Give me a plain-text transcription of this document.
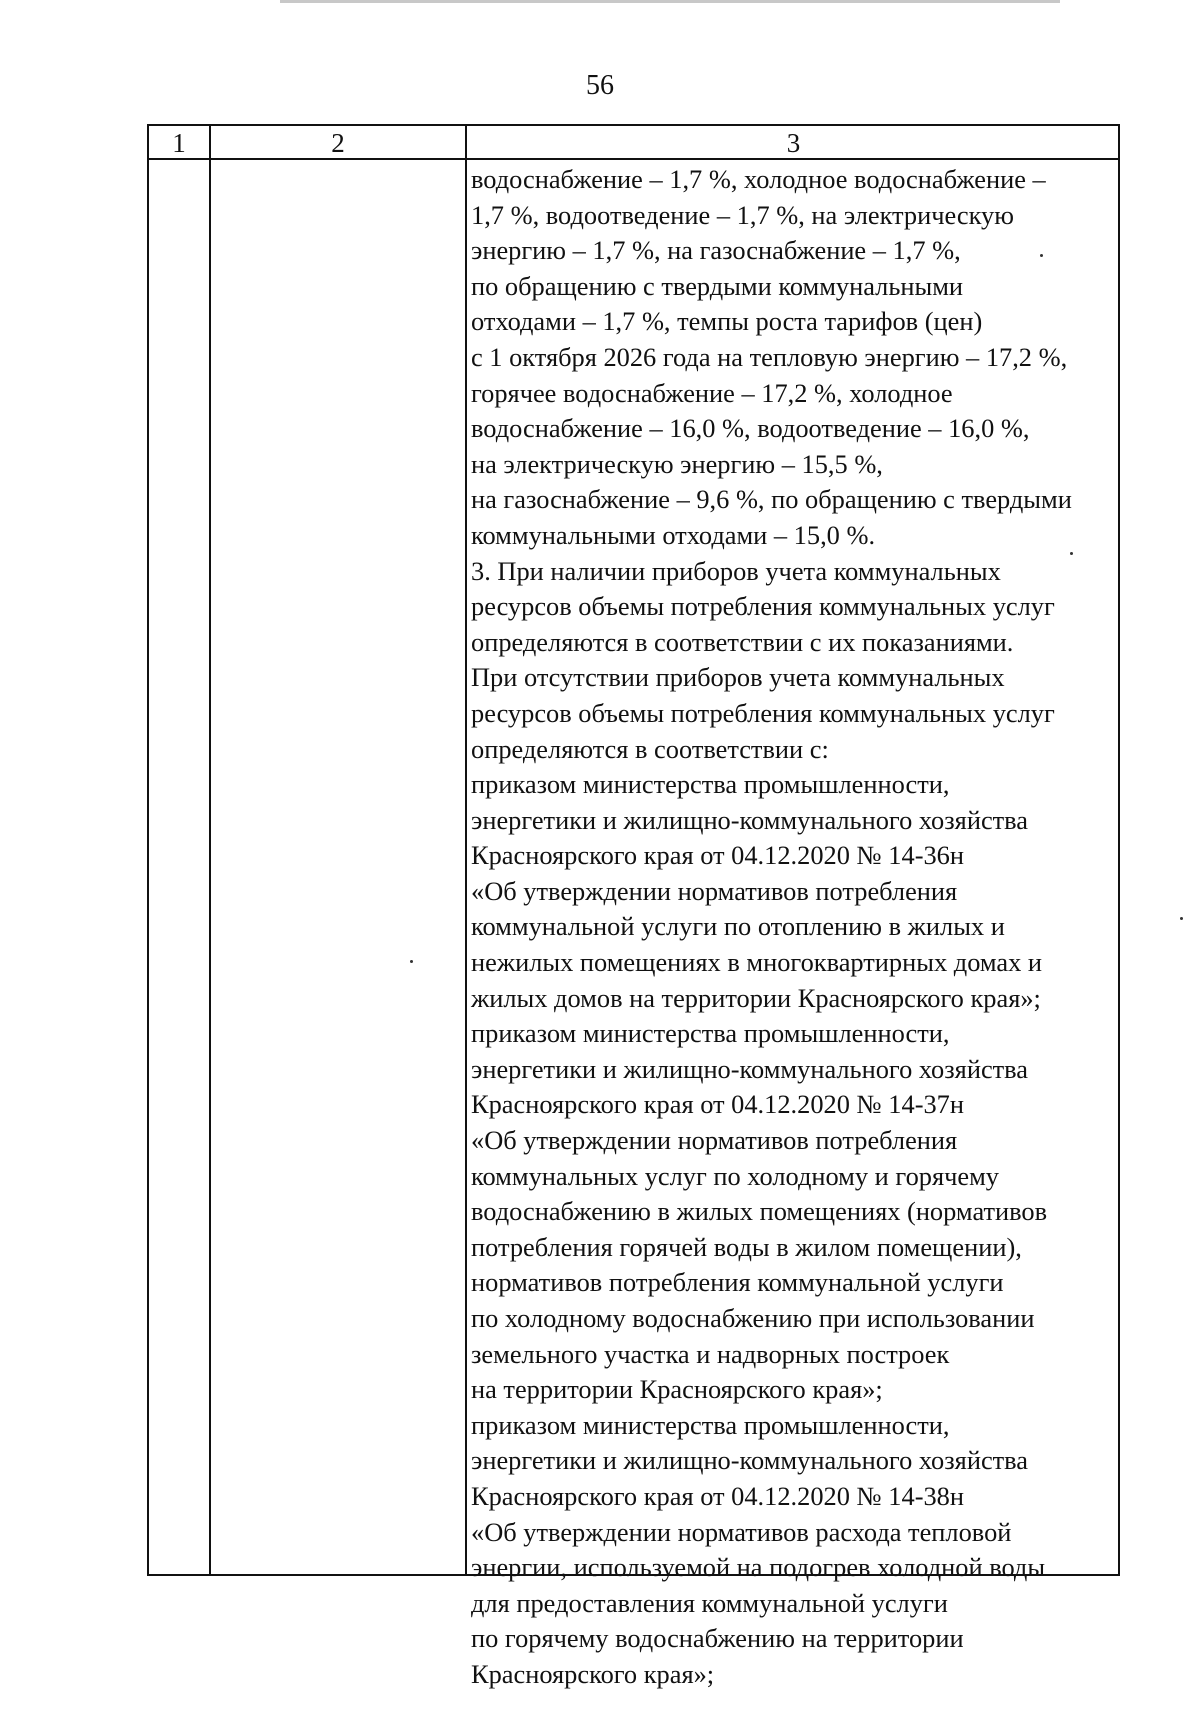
56
1	2	3
водоснабжение – 1,7 %, холодное водоснабжение –
1,7 %, водоотведение – 1,7 %, на электрическую
энергию – 1,7 %, на газоснабжение – 1,7 %,
по обращению с твердыми коммунальными
отходами – 1,7 %, темпы роста тарифов (цен)
с 1 октября 2026 года на тепловую энергию – 17,2 %,
горячее водоснабжение – 17,2 %, холодное
водоснабжение – 16,0 %, водоотведение – 16,0 %,
на электрическую энергию – 15,5 %,
на газоснабжение – 9,6 %, по обращению с твердыми
коммунальными отходами – 15,0 %.
3. При наличии приборов учета коммунальных
ресурсов объемы потребления коммунальных услуг
определяются в соответствии с их показаниями.
При отсутствии приборов учета коммунальных
ресурсов объемы потребления коммунальных услуг
определяются в соответствии с:
приказом министерства промышленности,
энергетики и жилищно-коммунального хозяйства
Красноярского края от 04.12.2020 № 14-36н
«Об утверждении нормативов потребления
коммунальной услуги по отоплению в жилых и
нежилых помещениях в многоквартирных домах и
жилых домов на территории Красноярского края»;
приказом министерства промышленности,
энергетики и жилищно-коммунального хозяйства
Красноярского края от 04.12.2020 № 14-37н
«Об утверждении нормативов потребления
коммунальных услуг по холодному и горячему
водоснабжению в жилых помещениях (нормативов
потребления горячей воды в жилом помещении),
нормативов потребления коммунальной услуги
по холодному водоснабжению при использовании
земельного участка и надворных построек
на территории Красноярского края»;
приказом министерства промышленности,
энергетики и жилищно-коммунального хозяйства
Красноярского края от 04.12.2020 № 14-38н
«Об утверждении нормативов расхода тепловой
энергии, используемой на подогрев холодной воды
для предоставления коммунальной услуги
по горячему водоснабжению на территории
Красноярского края»;
